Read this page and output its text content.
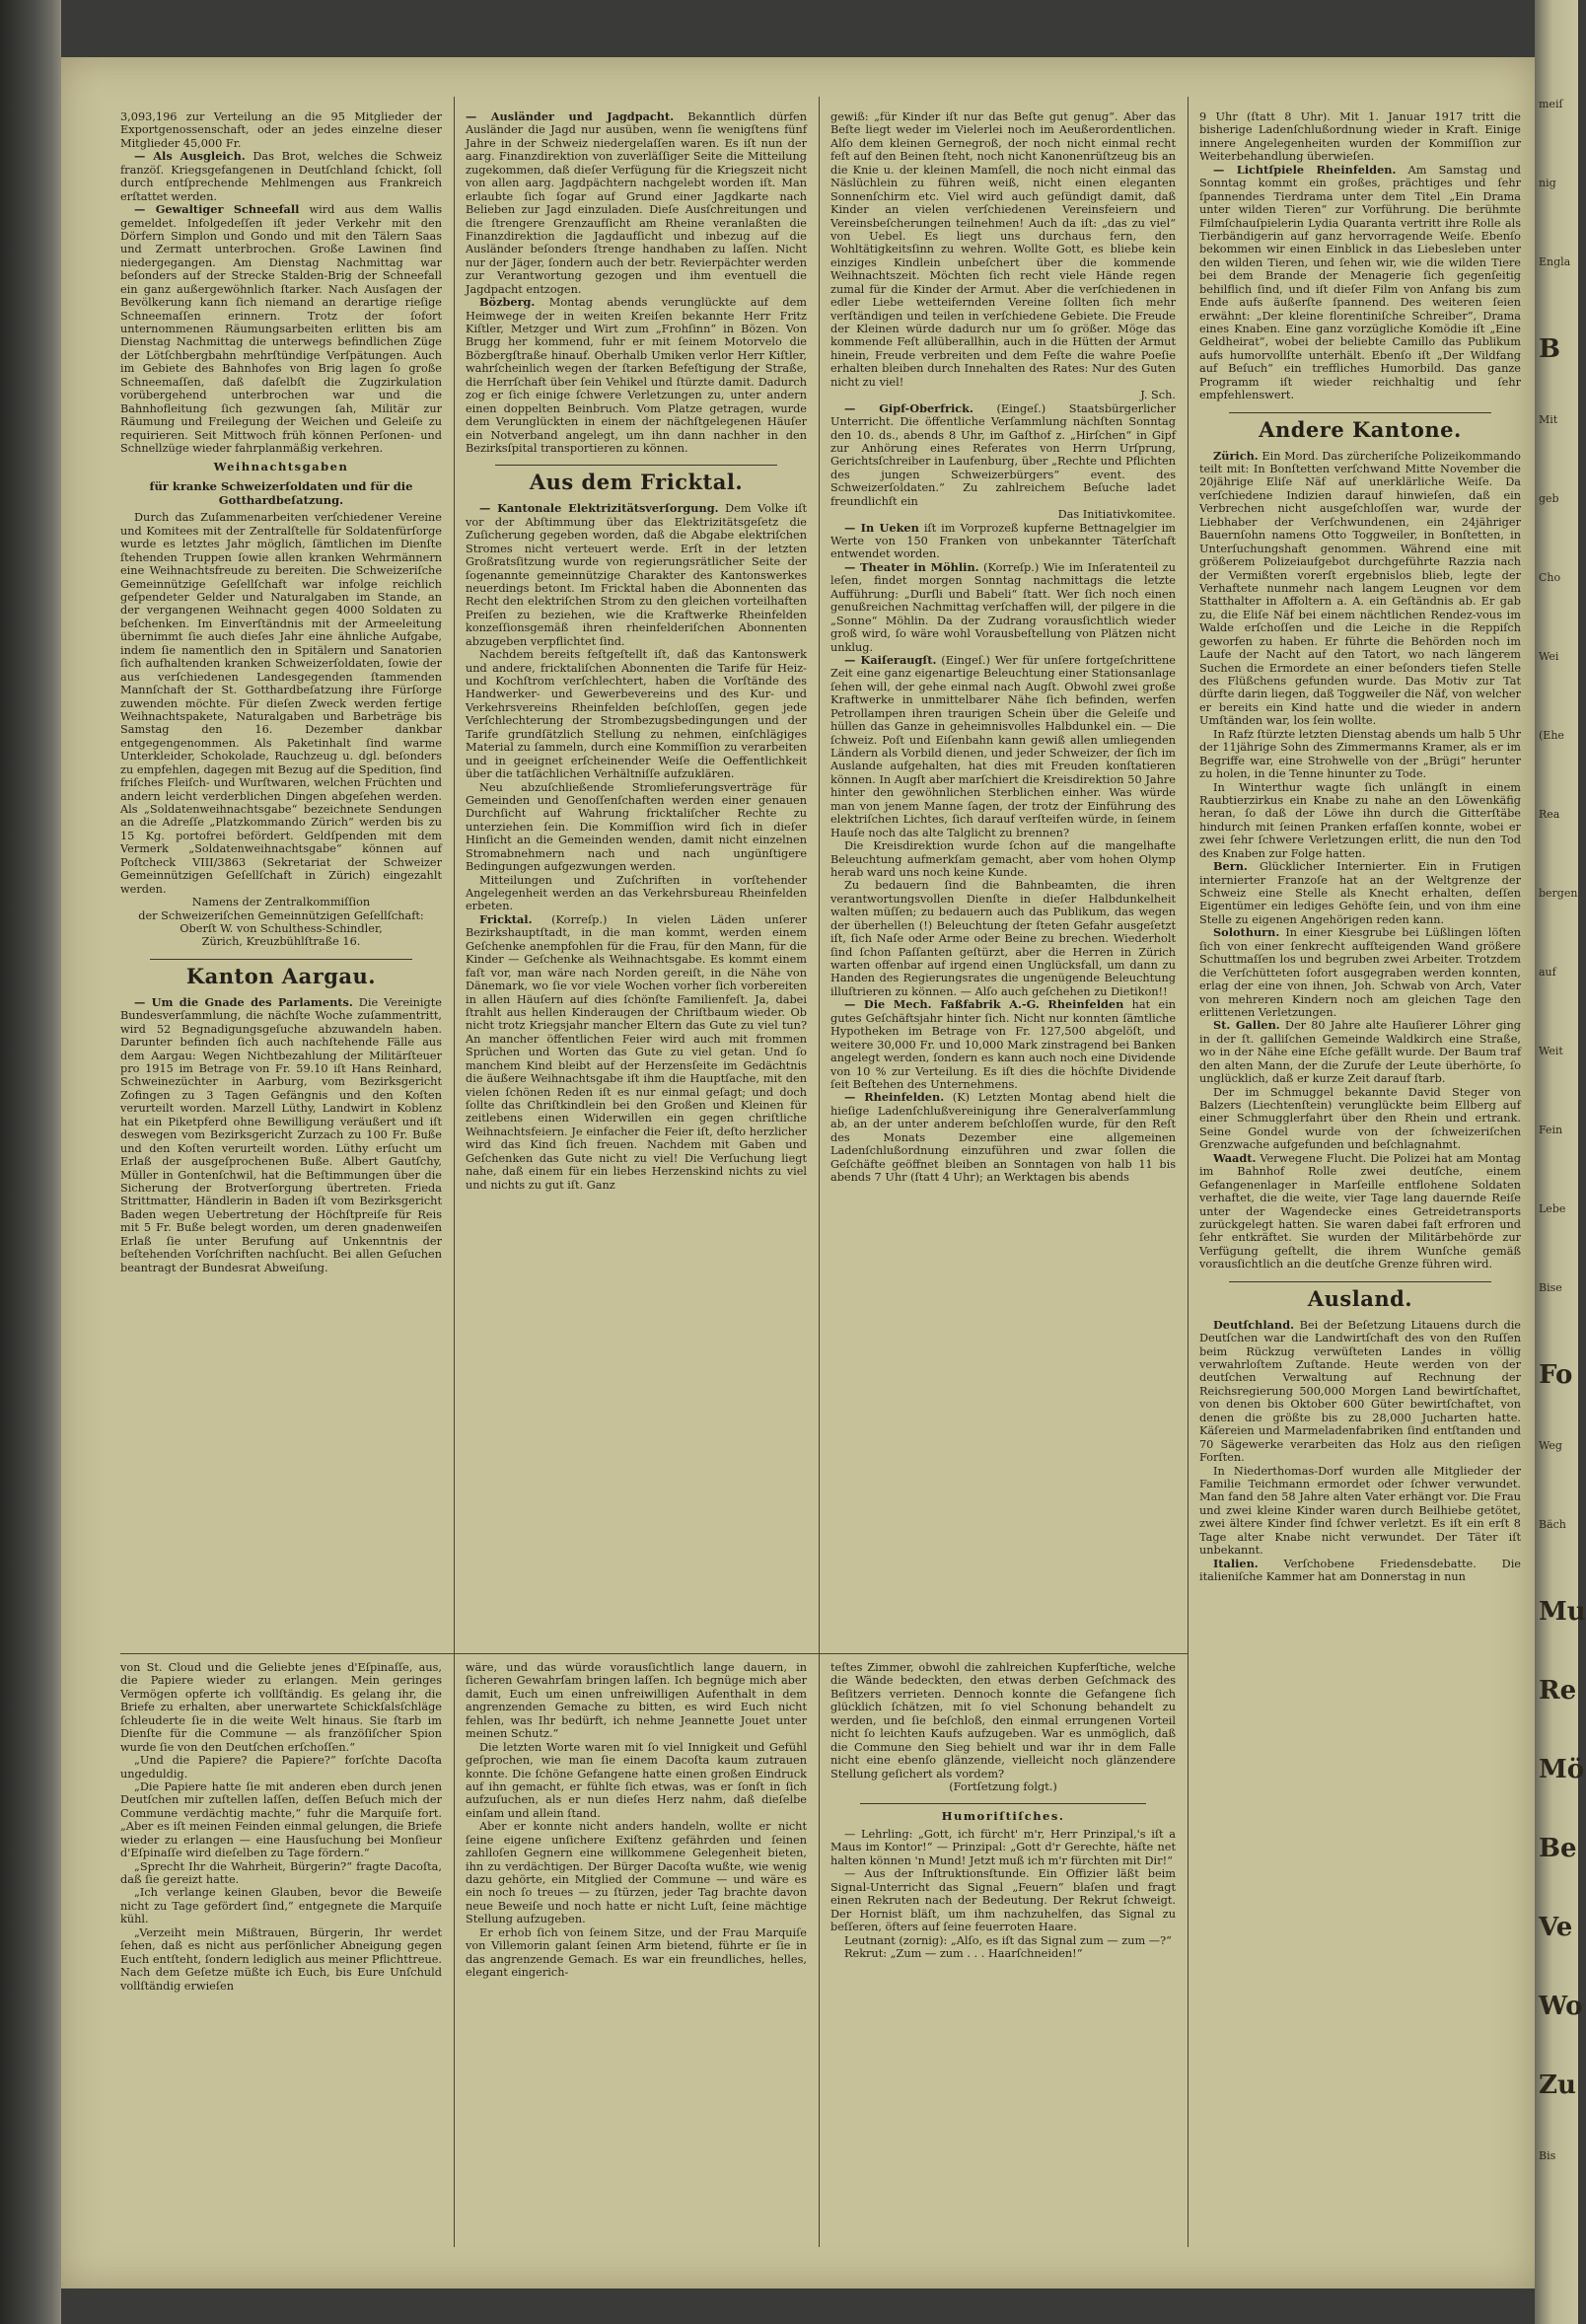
3,093,196 zur Verteilung an die 95 Mitglieder der Exportgenossenschaft, oder an jedes einzelne dieser Mitglieder 45,000 Fr.

— Als Ausgleich. Das Brot, welches die Schweiz franzöſ. Kriegsgefangenen in Deutſchland ſchickt, ſoll durch entſprechende Mehlmengen aus Frankreich erſtattet werden.

— Gewaltiger Schneefall wird aus dem Wallis gemeldet. Infolgedeſſen iſt jeder Verkehr mit den Dörfern Simplon und Gondo und mit den Tälern Saas und Zermatt unterbrochen. Große Lawinen ſind niedergegangen. Am Dienstag Nachmittag war beſonders auf der Strecke Stalden-Brig der Schneefall ein ganz außergewöhnlich ſtarker. Nach Ausſagen der Bevölkerung kann ſich niemand an derartige rieſige Schneemaſſen erinnern. Trotz der ſofort unternommenen Räumungsarbeiten erlitten bis am Dienstag Nachmittag die unterwegs befindlichen Züge der Lötſchbergbahn mehrſtündige Verſpätungen. Auch im Gebiete des Bahnhofes von Brig lagen ſo große Schneemaſſen, daß daſelbſt die Zugzirkulation vorübergehend unterbrochen war und die Bahnhofleitung ſich gezwungen ſah, Militär zur Räumung und Freilegung der Weichen und Geleiſe zu requirieren. Seit Mittwoch früh können Perſonen- und Schnellzüge wieder fahrplanmäßig verkehren.

Weihnachtsgaben
für kranke Schweizerſoldaten und für die Gotthardbeſatzung.

Durch das Zuſammenarbeiten verſchiedener Vereine und Komitees mit der Zentralſtelle für Soldatenfürſorge wurde es letztes Jahr möglich, ſämtlichen im Dienſte ſtehenden Truppen ſowie allen kranken Wehrmännern eine Weihnachtsfreude zu bereiten. Die Schweizeriſche Gemeinnützige Geſellſchaft war infolge reichlich geſpendeter Gelder und Naturalgaben im Stande, an der vergangenen Weihnacht gegen 4000 Soldaten zu beſchenken. Im Einverſtändnis mit der Armeeleitung übernimmt ſie auch dieſes Jahr eine ähnliche Aufgabe, indem ſie namentlich den in Spitälern und Sanatorien ſich aufhaltenden kranken Schweizerſoldaten, ſowie der aus verſchiedenen Landesgegenden ſtammenden Mannſchaft der St. Gotthardbeſatzung ihre Fürſorge zuwenden möchte. Für dieſen Zweck werden fertige Weihnachtspakete, Naturalgaben und Barbeträge bis Samstag den 16. Dezember dankbar entgegengenommen. Als Paketinhalt ſind warme Unterkleider, Schokolade, Rauchzeug u. dgl. beſonders zu empfehlen, dagegen mit Bezug auf die Spedition, ſind friſches Fleiſch- und Wurſtwaren, welchen Früchten und andern leicht verderblichen Dingen abgeſehen werden. Als „Soldatenweihnachtsgabe“ bezeichnete Sendungen an die Adreſſe „Platzkommando Zürich“ werden bis zu 15 Kg. portofrei befördert. Geldſpenden mit dem Vermerk „Soldatenweihnachtsgabe“ können auf Poſtcheck VIII/3863 (Sekretariat der Schweizer Gemeinnützigen Geſellſchaft in Zürich) eingezahlt werden.

Namens der Zentralkommiſſion

der Schweizeriſchen Gemeinnützigen Geſellſchaft:

Oberſt W. von Schulthess-Schindler,

Zürich, Kreuzbühlſtraße 16.

Kanton Aargau.

— Um die Gnade des Parlaments. Die Vereinigte Bundesverſammlung, die nächſte Woche zuſammentritt, wird 52 Begnadigungsgeſuche abzuwandeln haben. Darunter befinden ſich auch nachſtehende Fälle aus dem Aargau: Wegen Nichtbezahlung der Militärſteuer pro 1915 im Betrage von Fr. 59.10 iſt Hans Reinhard, Schweinezüchter in Aarburg, vom Bezirksgericht Zofingen zu 3 Tagen Gefängnis und den Koſten verurteilt worden. Marzell Lüthy, Landwirt in Koblenz hat ein Piketpferd ohne Bewilligung veräußert und iſt deswegen vom Bezirksgericht Zurzach zu 100 Fr. Buße und den Koſten verurteilt worden. Lüthy erſucht um Erlaß der ausgeſprochenen Buße. Albert Gautſchy, Müller in Gontenſchwil, hat die Beſtimmungen über die Sicherung der Brotverſorgung übertreten. Frieda Strittmatter, Händlerin in Baden iſt vom Bezirksgericht Baden wegen Uebertretung der Höchſtpreiſe für Reis mit 5 Fr. Buße belegt worden, um deren gnadenweiſen Erlaß ſie unter Berufung auf Unkenntnis der beſtehenden Vorſchriften nachſucht. Bei allen Geſuchen beantragt der Bundesrat Abweiſung.

von St. Cloud und die Geliebte jenes d'Eſpinaſſe, aus, die Papiere wieder zu erlangen. Mein geringes Vermögen opferte ich vollſtändig. Es gelang ihr, die Briefe zu erhalten, aber unerwartete Schickſalsſchläge ſchleuderte ſie in die weite Welt hinaus. Sie ſtarb im Dienſte für die Commune — als franzöſiſcher Spion wurde ſie von den Deutſchen erſchoſſen.“

„Und die Papiere? die Papiere?“ forſchte Dacoſta ungeduldig.

„Die Papiere hatte ſie mit anderen eben durch jenen Deutſchen mir zuſtellen laſſen, deſſen Beſuch mich der Commune verdächtig machte,“ fuhr die Marquiſe fort. „Aber es iſt meinen Feinden einmal gelungen, die Briefe wieder zu erlangen — eine Hausſuchung bei Monſieur d'Eſpinaſſe wird dieſelben zu Tage fördern.“

„Sprecht Ihr die Wahrheit, Bürgerin?“ fragte Dacoſta, daß ſie gereizt hatte.

„Ich verlange keinen Glauben, bevor die Beweiſe nicht zu Tage gefördert ſind,“ entgegnete die Marquiſe kühl.

„Verzeiht mein Mißtrauen, Bürgerin, Ihr werdet ſehen, daß es nicht aus perſönlicher Abneigung gegen Euch entſteht, ſondern lediglich aus meiner Pflichttreue. Nach dem Geſetze müßte ich Euch, bis Eure Unſchuld vollſtändig erwieſen

— Ausländer und Jagdpacht. Bekanntlich dürfen Ausländer die Jagd nur ausüben, wenn ſie wenigſtens fünf Jahre in der Schweiz niedergelaſſen waren. Es iſt nun der aarg. Finanzdirektion von zuverläſſiger Seite die Mitteilung zugekommen, daß dieſer Verfügung für die Kriegszeit nicht von allen aarg. Jagdpächtern nachgelebt worden iſt. Man erlaubte ſich ſogar auf Grund einer Jagdkarte nach Belieben zur Jagd einzuladen. Dieſe Ausſchreitungen und die ſtrengere Grenzaufſicht am Rheine veranlaßten die Finanzdirektion die Jagdaufſicht und inbezug auf die Ausländer beſonders ſtrenge handhaben zu laſſen. Nicht nur der Jäger, ſondern auch der betr. Revierpächter werden zur Verantwortung gezogen und ihm eventuell die Jagdpacht entzogen.

Bözberg. Montag abends verunglückte auf dem Heimwege der in weiten Kreiſen bekannte Herr Fritz Kiſtler, Metzger und Wirt zum „Frohſinn“ in Bözen. Von Brugg her kommend, fuhr er mit ſeinem Motorvelo die Bözbergſtraße hinauf. Oberhalb Umiken verlor Herr Kiſtler, wahrſcheinlich wegen der ſtarken Befeſtigung der Straße, die Herrſchaft über ſein Vehikel und ſtürzte damit. Dadurch zog er ſich einige ſchwere Verletzungen zu, unter andern einen doppelten Beinbruch. Vom Platze getragen, wurde dem Verunglückten in einem der nächſtgelegenen Häuſer ein Notverband angelegt, um ihn dann nachher in den Bezirksſpital transportieren zu können.

Aus dem Fricktal.

— Kantonale Elektrizitätsverſorgung. Dem Volke iſt vor der Abſtimmung über das Elektrizitätsgeſetz die Zuſicherung gegeben worden, daß die Abgabe elektriſchen Stromes nicht verteuert werde. Erſt in der letzten Großratsſitzung wurde von regierungsrätlicher Seite der ſogenannte gemeinnützige Charakter des Kantonswerkes neuerdings betont. Im Fricktal haben die Abonnenten das Recht den elektriſchen Strom zu den gleichen vorteilhaften Preiſen zu beziehen, wie die Kraftwerke Rheinfelden konzeſſionsgemäß ihren rheinfelderiſchen Abonnenten abzugeben verpflichtet ſind.

Nachdem bereits feſtgeſtellt iſt, daß das Kantonswerk und andere, fricktaliſchen Abonnenten die Tarife für Heiz- und Kochſtrom verſchlechtert, haben die Vorſtände des Handwerker- und Gewerbevereins und des Kur- und Verkehrsvereins Rheinfelden beſchloſſen, gegen jede Verſchlechterung der Strombezugsbedingungen und der Tarife grundſätzlich Stellung zu nehmen, einſchlägiges Material zu ſammeln, durch eine Kommiſſion zu verarbeiten und in geeignet erſcheinender Weiſe die Oeffentlichkeit über die tatſächlichen Verhältniſſe aufzuklären.

Neu abzuſchließende Stromlieferungsverträge für Gemeinden und Genoſſenſchaften werden einer genauen Durchſicht auf Wahrung fricktaliſcher Rechte zu unterziehen ſein. Die Kommiſſion wird ſich in dieſer Hinſicht an die Gemeinden wenden, damit nicht einzelnen Stromabnehmern nach und nach ungünſtigere Bedingungen aufgezwungen werden.

Mitteilungen und Zuſchriften in vorſtehender Angelegenheit werden an das Verkehrsbureau Rheinfelden erbeten.

Fricktal. (Korreſp.) In vielen Läden unſerer Bezirkshauptſtadt, in die man kommt, werden einem Geſchenke anempfohlen für die Frau, für den Mann, für die Kinder — Geſchenke als Weihnachtsgabe. Es kommt einem faſt vor, man wäre nach Norden gereiſt, in die Nähe von Dänemark, wo ſie vor viele Wochen vorher ſich vorbereiten in allen Häuſern auf dies ſchönſte Familienfeſt. Ja, dabei ſtrahlt aus hellen Kinderaugen der Chriſtbaum wieder. Ob nicht trotz Kriegsjahr mancher Eltern das Gute zu viel tun? An mancher öffentlichen Feier wird auch mit frommen Sprüchen und Worten das Gute zu viel getan. Und ſo manchem Kind bleibt auf der Herzensſeite im Gedächtnis die äußere Weihnachtsgabe iſt ihm die Hauptſache, mit den vielen ſchönen Reden iſt es nur einmal geſagt; und doch ſollte das Chriſtkindlein bei den Großen und Kleinen für zeitlebens einen Widerwillen ein gegen chriſtliche Weihnachtsfeiern. Je einfacher die Feier iſt, deſto herzlicher wird das Kind ſich freuen. Nachdem mit Gaben und Geſchenken das Gute nicht zu viel! Die Verſuchung liegt nahe, daß einem für ein liebes Herzenskind nichts zu viel und nichts zu gut iſt. Ganz

wäre, und das würde vorausſichtlich lange dauern, in ſicheren Gewahrſam bringen laſſen. Ich begnüge mich aber damit, Euch um einen unfreiwilligen Aufenthalt in dem angrenzenden Gemache zu bitten, es wird Euch nicht fehlen, was Ihr bedürft, ich nehme Jeannette Jouet unter meinen Schutz.“

Die letzten Worte waren mit ſo viel Innigkeit und Gefühl geſprochen, wie man ſie einem Dacoſta kaum zutrauen konnte. Die ſchöne Gefangene hatte einen großen Eindruck auf ihn gemacht, er fühlte ſich etwas, was er ſonſt in ſich aufzuſuchen, als er nun dieſes Herz nahm, daß dieſelbe einſam und allein ſtand.

Aber er konnte nicht anders handeln, wollte er nicht ſeine eigene unſichere Exiſtenz gefährden und ſeinen zahlloſen Gegnern eine willkommene Gelegenheit bieten, ihn zu verdächtigen. Der Bürger Dacoſta wußte, wie wenig dazu gehörte, ein Mitglied der Commune — und wäre es ein noch ſo treues — zu ſtürzen, jeder Tag brachte davon neue Beweiſe und noch hatte er nicht Luſt, ſeine mächtige Stellung aufzugeben.

Er erhob ſich von ſeinem Sitze, und der Frau Marquiſe von Villemorin galant ſeinen Arm bietend, führte er ſie in das angrenzende Gemach. Es war ein freundliches, helles, elegant eingerich-

gewiß: „für Kinder iſt nur das Beſte gut genug“. Aber das Beſte liegt weder im Vielerlei noch im Aeußerordentlichen. Alſo dem kleinen Gernegroß, der noch nicht einmal recht feſt auf den Beinen ſteht, noch nicht Kanonenrüſtzeug bis an die Knie u. der kleinen Mamſell, die noch nicht einmal das Näslüchlein zu führen weiß, nicht einen eleganten Sonnenſchirm etc. Viel wird auch geſündigt damit, daß Kinder an vielen verſchiedenen Vereinsfeiern und Vereinsbeſcherungen teilnehmen! Auch da iſt: „das zu viel“ von Uebel. Es liegt uns durchaus fern, den Wohltätigkeitsſinn zu wehren. Wollte Gott, es bliebe kein einziges Kindlein unbeſchert über die kommende Weihnachtszeit. Möchten ſich recht viele Hände regen zumal für die Kinder der Armut. Aber die verſchiedenen in edler Liebe wetteifernden Vereine ſollten ſich mehr verſtändigen und teilen in verſchiedene Gebiete. Die Freude der Kleinen würde dadurch nur um ſo größer. Möge das kommende Feſt allüberallhin, auch in die Hütten der Armut hinein, Freude verbreiten und dem Feſte die wahre Poeſie erhalten bleiben durch Innehalten des Rates: Nur des Guten nicht zu viel!

J. Sch.

— Gipf-Oberfrick. (Eingeſ.) Staatsbürgerlicher Unterricht. Die öffentliche Verſammlung nächſten Sonntag den 10. ds., abends 8 Uhr, im Gaſthof z. „Hirſchen“ in Gipf zur Anhörung eines Referates von Herrn Urſprung, Gerichtsſchreiber in Laufenburg, über „Rechte und Pflichten des jungen Schweizerbürgers“ event. des Schweizerſoldaten.“ Zu zahlreichem Beſuche ladet freundlichſt ein

Das Initiativkomitee.

— In Ueken iſt im Vorprozeß kupferne Bettnagelgier im Werte von 150 Franken von unbekannter Täterſchaft entwendet worden.

— Theater in Möhlin. (Korreſp.) Wie im Inſeratenteil zu leſen, findet morgen Sonntag nachmittags die letzte Aufführung: „Durſli und Babeli“ ſtatt. Wer ſich noch einen genußreichen Nachmittag verſchaffen will, der pilgere in die „Sonne“ Möhlin. Da der Zudrang vorausſichtlich wieder groß wird, ſo wäre wohl Vorausbeſtellung von Plätzen nicht unklug.

— Kaiſeraugſt. (Eingeſ.) Wer für unſere fortgeſchrittene Zeit eine ganz eigenartige Beleuchtung einer Stationsanlage ſehen will, der gehe einmal nach Augſt. Obwohl zwei große Kraftwerke in unmittelbarer Nähe ſich befinden, werfen Petrollampen ihren traurigen Schein über die Geleiſe und hüllen das Ganze in geheimnisvolles Halbdunkel ein. — Die ſchweiz. Poſt und Eiſenbahn kann gewiß allen umliegenden Ländern als Vorbild dienen, und jeder Schweizer, der ſich im Auslande aufgehalten, hat dies mit Freuden konſtatieren können. In Augſt aber marſchiert die Kreisdirektion 50 Jahre hinter den gewöhnlichen Sterblichen einher. Was würde man von jenem Manne ſagen, der trotz der Einführung des elektriſchen Lichtes, ſich darauf verſteifen würde, in ſeinem Hauſe noch das alte Talglicht zu brennen?

Die Kreisdirektion wurde ſchon auf die mangelhafte Beleuchtung aufmerkſam gemacht, aber vom hohen Olymp herab ward uns noch keine Kunde.

Zu bedauern ſind die Bahnbeamten, die ihren verantwortungsvollen Dienſte in dieſer Halbdunkelheit walten müſſen; zu bedauern auch das Publikum, das wegen der überhellen (!) Beleuchtung der ſteten Gefahr ausgeſetzt iſt, ſich Naſe oder Arme oder Beine zu brechen. Wiederholt ſind ſchon Paſſanten geſtürzt, aber die Herren in Zürich warten offenbar auf irgend einen Unglücksfall, um dann zu Handen des Regierungsrates die ungenügende Beleuchtung illuſtrieren zu können. — Alſo auch geſchehen zu Dietikon!!

— Die Mech. Faßfabrik A.-G. Rheinfelden hat ein gutes Geſchäftsjahr hinter ſich. Nicht nur konnten ſämtliche Hypotheken im Betrage von Fr. 127,500 abgelöſt, und weitere 30,000 Fr. und 10,000 Mark zinstragend bei Banken angelegt werden, ſondern es kann auch noch eine Dividende von 10 % zur Verteilung. Es iſt dies die höchſte Dividende ſeit Beſtehen des Unternehmens.

— Rheinfelden. (K) Letzten Montag abend hielt die hieſige Ladenſchlußvereinigung ihre Generalverſammlung ab, an der unter anderem beſchloſſen wurde, für den Reſt des Monats Dezember eine allgemeinen Ladenſchlußordnung einzuführen und zwar ſollen die Geſchäfte geöffnet bleiben an Sonntagen von halb 11 bis abends 7 Uhr (ſtatt 4 Uhr); an Werktagen bis abends

teſtes Zimmer, obwohl die zahlreichen Kupferſtiche, welche die Wände bedeckten, den etwas derben Geſchmack des Beſitzers verrieten. Dennoch konnte die Gefangene ſich glücklich ſchätzen, mit ſo viel Schonung behandelt zu werden, und ſie beſchloß, den einmal errungenen Vorteil nicht ſo leichten Kaufs aufzugeben. War es unmöglich, daß die Commune den Sieg behielt und war ihr in dem Falle nicht eine ebenſo glänzende, vielleicht noch glänzendere Stellung geſichert als vordem?

(Fortſetzung folgt.)

Humoriſtiſches.

— Lehrling: „Gott, ich fürcht' m'r, Herr Prinzipal,'s iſt a Maus im Kontor!“ — Prinzipal: „Gott d'r Gerechte, häſte net halten können 'n Mund! Jetzt muß ich m'r fürchten mit Dir!“

— Aus der Inſtruktionsſtunde. Ein Offizier läßt beim Signal-Unterricht das Signal „Feuern“ blaſen und fragt einen Rekruten nach der Bedeutung. Der Rekrut ſchweigt. Der Hornist bläſt, um ihm nachzuhelfen, das Signal zu beſſeren, öfters auf ſeine feuerroten Haare.

Leutnant (zornig): „Alſo, es iſt das Signal zum — zum —?“

Rekrut: „Zum — zum . . . Haarſchneiden!“

9 Uhr (ſtatt 8 Uhr). Mit 1. Januar 1917 tritt die bisherige Ladenſchlußordnung wieder in Kraft. Einige innere Angelegenheiten wurden der Kommiſſion zur Weiterbehandlung überwieſen.

— Lichtſpiele Rheinfelden. Am Samstag und Sonntag kommt ein großes, prächtiges und ſehr ſpannendes Tierdrama unter dem Titel „Ein Drama unter wilden Tieren“ zur Vorführung. Die berühmte Filmſchauſpielerin Lydia Quaranta vertritt ihre Rolle als Tierbändigerin auf ganz hervorragende Weiſe. Ebenſo bekommen wir einen Einblick in das Liebesleben unter den wilden Tieren, und ſehen wir, wie die wilden Tiere bei dem Brande der Menagerie ſich gegenſeitig behilflich ſind, und iſt dieſer Film von Anfang bis zum Ende aufs äußerſte ſpannend. Des weiteren ſeien erwähnt: „Der kleine florentiniſche Schreiber“, Drama eines Knaben. Eine ganz vorzügliche Komödie iſt „Eine Geldheirat“, wobei der beliebte Camillo das Publikum aufs humorvollſte unterhält. Ebenſo iſt „Der Wildfang auf Beſuch“ ein treffliches Humorbild. Das ganze Programm iſt wieder reichhaltig und ſehr empfehlenswert.

Andere Kantone.

Zürich. Ein Mord. Das zürcheriſche Polizeikommando teilt mit: In Bonſtetten verſchwand Mitte November die 20jährige Eliſe Näf auf unerklärliche Weiſe. Da verſchiedene Indizien darauf hinwieſen, daß ein Verbrechen nicht ausgeſchloſſen war, wurde der Liebhaber der Verſchwundenen, ein 24jähriger Bauernſohn namens Otto Toggweiler, in Bonſtetten, in Unterſuchungshaft genommen. Während eine mit größerem Polizeiaufgebot durchgeführte Razzia nach der Vermißten vorerſt ergebnislos blieb, legte der Verhaftete nunmehr nach langem Leugnen vor dem Statthalter in Affoltern a. A. ein Geſtändnis ab. Er gab zu, die Eliſe Näf bei einem nächtlichen Rendez-vous im Walde erſchoſſen und die Leiche in die Reppiſch geworfen zu haben. Er führte die Behörden noch im Laufe der Nacht auf den Tatort, wo nach längerem Suchen die Ermordete an einer beſonders tiefen Stelle des Flüßchens gefunden wurde. Das Motiv zur Tat dürfte darin liegen, daß Toggweiler die Näf, von welcher er bereits ein Kind hatte und die wieder in andern Umſtänden war, los ſein wollte.

In Rafz ſtürzte letzten Dienstag abends um halb 5 Uhr der 11jährige Sohn des Zimmermanns Kramer, als er im Begriffe war, eine Strohwelle von der „Brügi“ herunter zu holen, in die Tenne hinunter zu Tode.

In Winterthur wagte ſich unlängſt in einem Raubtierzirkus ein Knabe zu nahe an den Löwenkäfig heran, ſo daß der Löwe ihn durch die Gitterſtäbe hindurch mit ſeinen Pranken erfaſſen konnte, wobei er zwei ſehr ſchwere Verletzungen erlitt, die nun den Tod des Knaben zur Folge hatten.

Bern. Glücklicher Internierter. Ein in Frutigen internierter Franzoſe hat an der Weltgrenze der Schweiz eine Stelle als Knecht erhalten, deſſen Eigentümer ein lediges Gehöfte ſein, und von ihm eine Stelle zu eigenen Angehörigen reden kann.

Solothurn. In einer Kiesgrube bei Lüßlingen löſten ſich von einer ſenkrecht aufſteigenden Wand größere Schuttmaſſen los und begruben zwei Arbeiter. Trotzdem die Verſchütteten ſofort ausgegraben werden konnten, erlag der eine von ihnen, Joh. Schwab von Arch, Vater von mehreren Kindern noch am gleichen Tage den erlittenen Verletzungen.

St. Gallen. Der 80 Jahre alte Hauſierer Löhrer ging in der ſt. galliſchen Gemeinde Waldkirch eine Straße, wo in der Nähe eine Eſche gefällt wurde. Der Baum traf den alten Mann, der die Zurufe der Leute überhörte, ſo unglücklich, daß er kurze Zeit darauf ſtarb.

Der im Schmuggel bekannte David Steger von Balzers (Liechtenſtein) verunglückte beim Ellberg auf einer Schmugglerfahrt über den Rhein und ertrank. Seine Gondel wurde von der ſchweizeriſchen Grenzwache aufgefunden und beſchlagnahmt.

Waadt. Verwegene Flucht. Die Polizei hat am Montag im Bahnhof Rolle zwei deutſche, einem Gefangenenlager in Marſeille entflohene Soldaten verhaftet, die die weite, vier Tage lang dauernde Reiſe unter der Wagendecke eines Getreidetransports zurückgelegt hatten. Sie waren dabei faſt erfroren und ſehr entkräftet. Sie wurden der Militärbehörde zur Verfügung geſtellt, die ihrem Wunſche gemäß vorausſichtlich an die deutſche Grenze führen wird.

Ausland.

Deutſchland. Bei der Beſetzung Litauens durch die Deutſchen war die Landwirtſchaft des von den Ruſſen beim Rückzug verwüſteten Landes in völlig verwahrloſtem Zuſtande. Heute werden von der deutſchen Verwaltung auf Rechnung der Reichsregierung 500,000 Morgen Land bewirtſchaftet, von denen bis Oktober 600 Güter bewirtſchaftet, von denen die größte bis zu 28,000 Jucharten hatte. Käſereien und Marmeladenfabriken ſind entſtanden und 70 Sägewerke verarbeiten das Holz aus den rieſigen Forſten.

In Niederthomas-Dorf wurden alle Mitglieder der Familie Teichmann ermordet oder ſchwer verwundet. Man fand den 58 Jahre alten Vater erhängt vor. Die Frau und zwei kleine Kinder waren durch Beilhiebe getötet, zwei ältere Kinder ſind ſchwer verletzt. Es iſt ein erſt 8 Tage alter Knabe nicht verwundet. Der Täter iſt unbekannt.

Italien. Verſchobene Friedensdebatte. Die italieniſche Kammer hat am Donnerstag in nun

meiſ
nig
Engla
B
Mit
geb
Cho
Wei
(Ehe
Rea
bergen
auf
Weit
Fein
Lebe
Bise
Fo
Weg
Bäch
Mu
Re
Mö
Be
Ve
Wo
Zu
Bis
